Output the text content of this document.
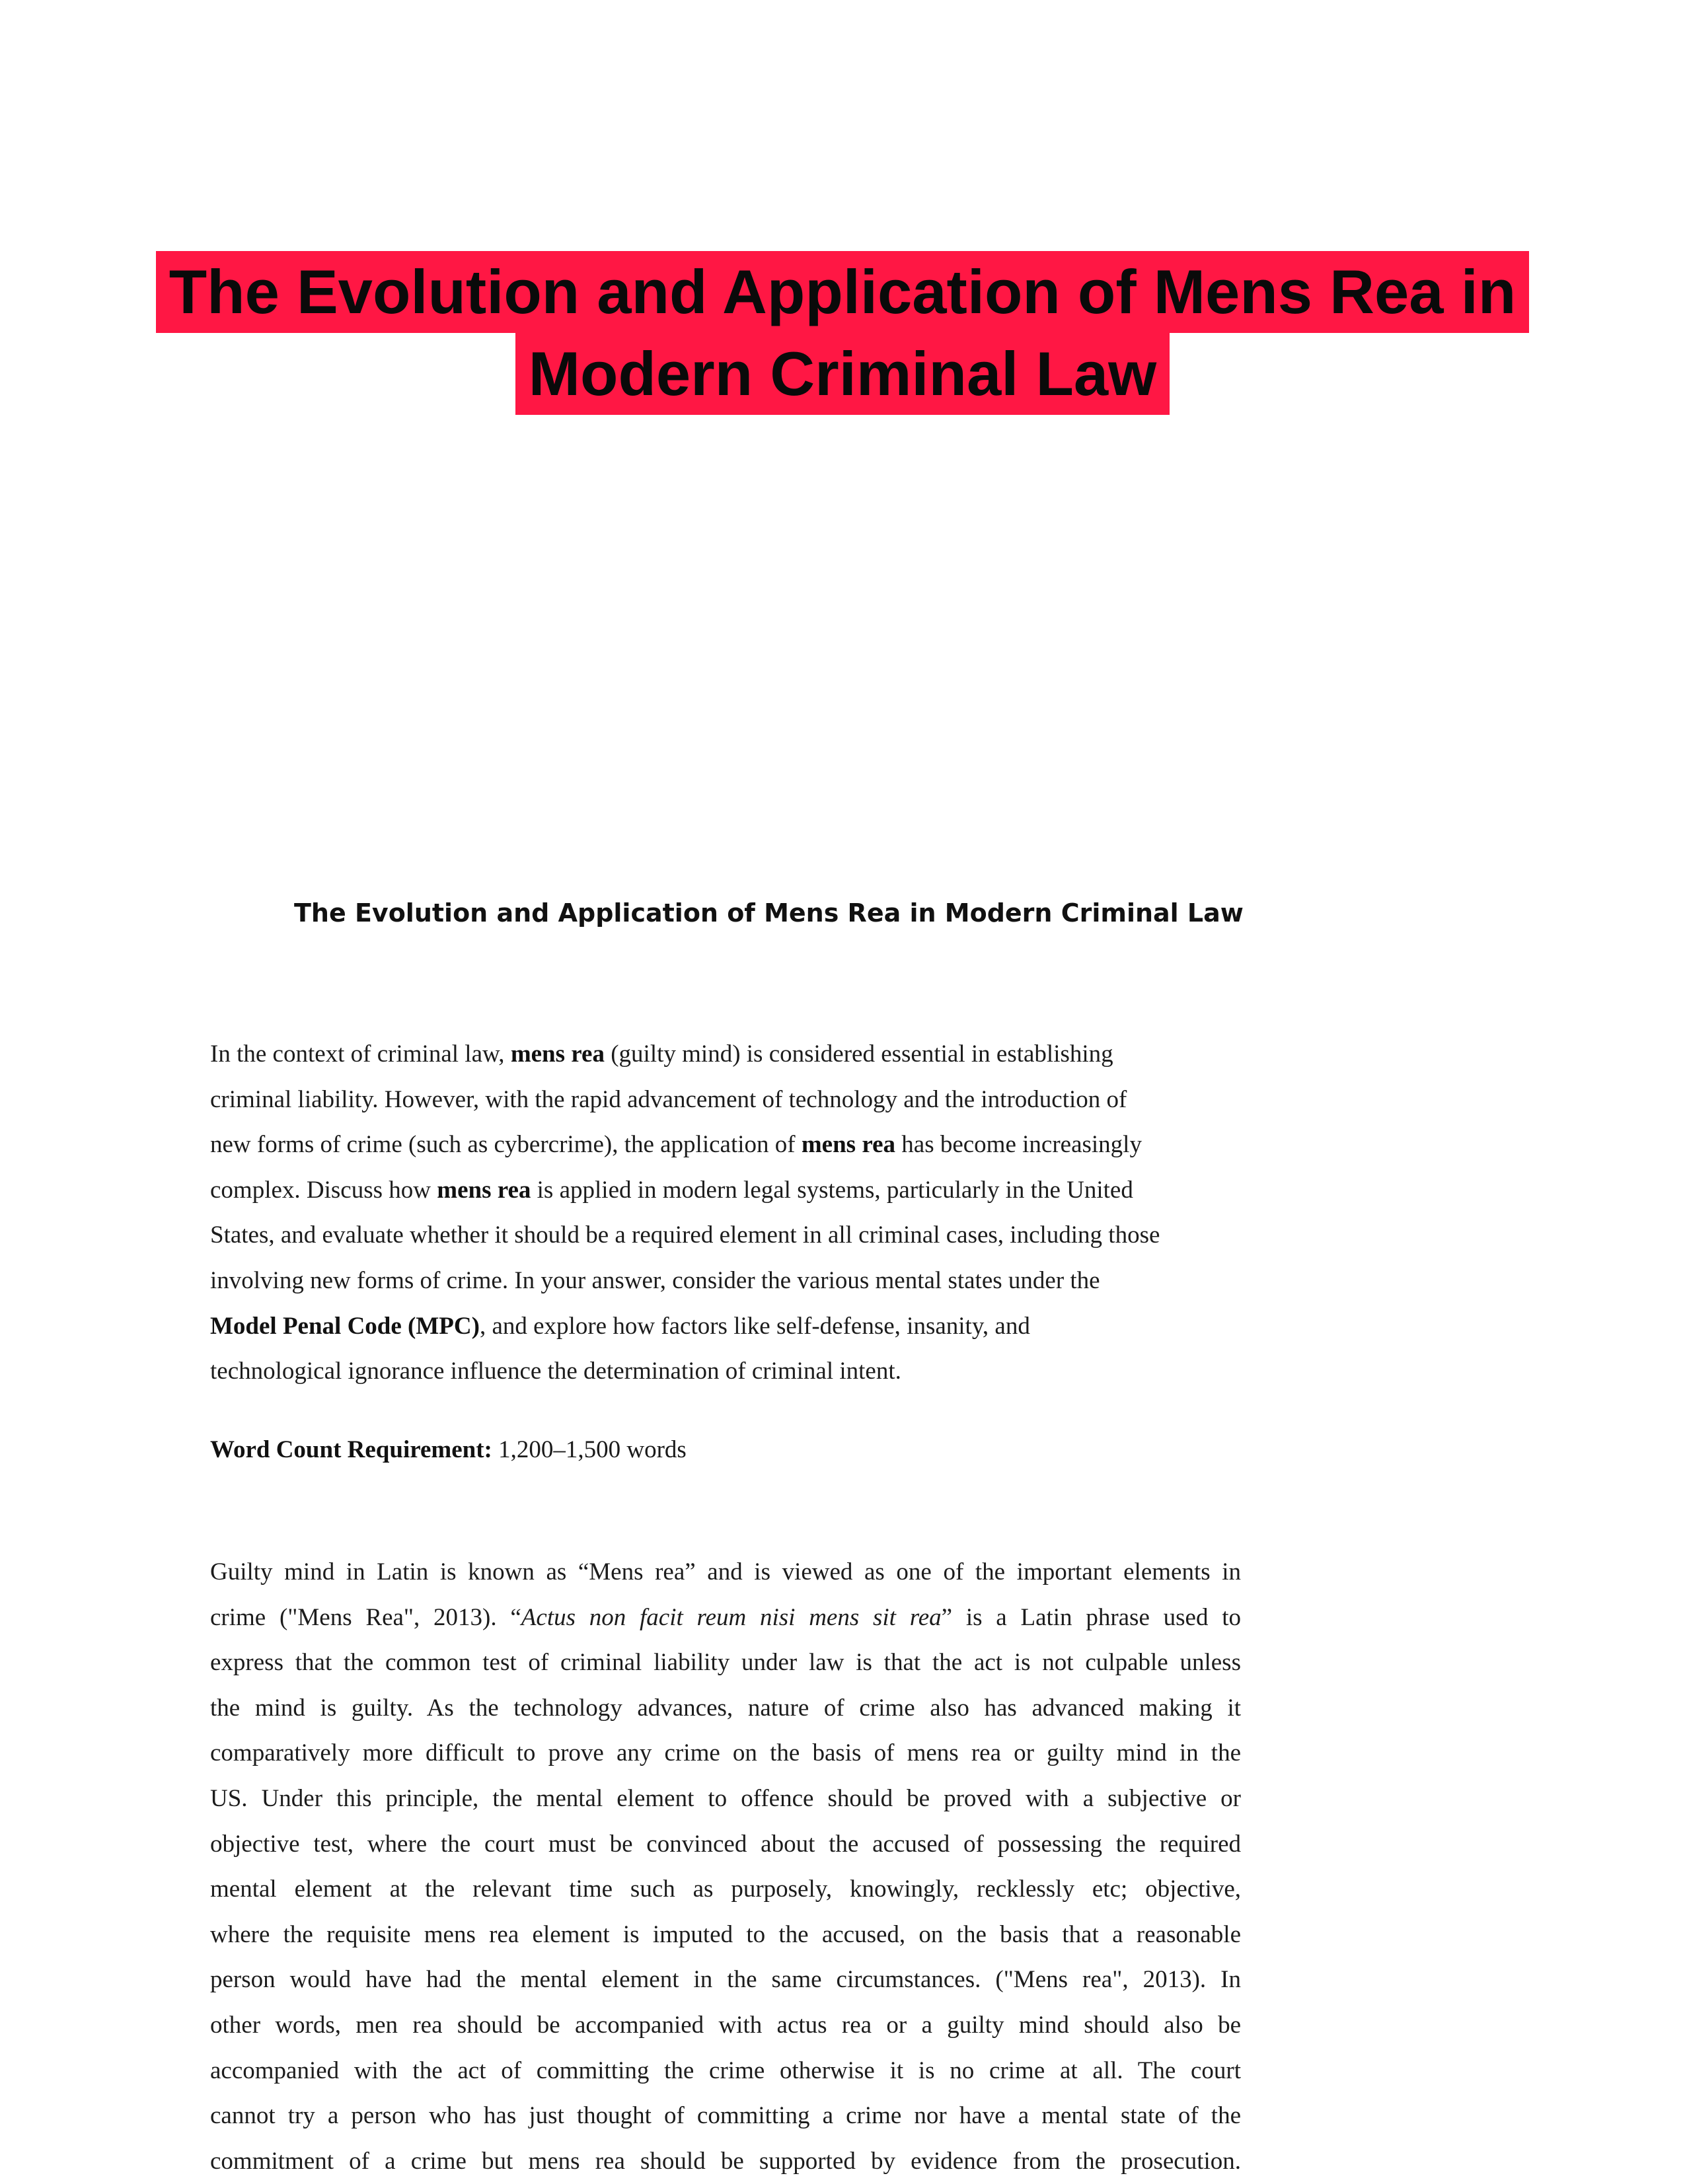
The Evolution and Application of Mens Rea in
Modern Criminal Law
The Evolution and Application of Mens Rea in Modern Criminal Law
In the context of criminal law, mens rea (guilty mind) is considered essential in establishing
criminal liability. However, with the rapid advancement of technology and the introduction of
new forms of crime (such as cybercrime), the application of mens rea has become increasingly
complex. Discuss how mens rea is applied in modern legal systems, particularly in the United
States, and evaluate whether it should be a required element in all criminal cases, including those
involving new forms of crime. In your answer, consider the various mental states under the
Model Penal Code (MPC), and explore how factors like self-defense, insanity, and
technological ignorance influence the determination of criminal intent.
Word Count Requirement: 1,200–1,500 words
Guilty mind in Latin is known as “Mens rea” and is viewed as one of the important elements in
crime ("Mens Rea", 2013). “Actus non facit reum nisi mens sit rea” is a Latin phrase used to
express that the common test of criminal liability under law is that the act is not culpable unless
the mind is guilty. As the technology advances, nature of crime also has advanced making it
comparatively more difficult to prove any crime on the basis of mens rea or guilty mind in the
US. Under this principle, the mental element to offence should be proved with a subjective or
objective test, where the court must be convinced about the accused of possessing the required
mental element at the relevant time such as purposely, knowingly, recklessly etc; objective,
where the requisite mens rea element is imputed to the accused, on the basis that a reasonable
person would have had the mental element in the same circumstances. ("Mens rea", 2013). In
other words, men rea should be accompanied with actus rea or a guilty mind should also be
accompanied with the act of committing the crime otherwise it is no crime at all. The court
cannot try a person who has just thought of committing a crime nor have a mental state of the
commitment of a crime but mens rea should be supported by evidence from the prosecution.
